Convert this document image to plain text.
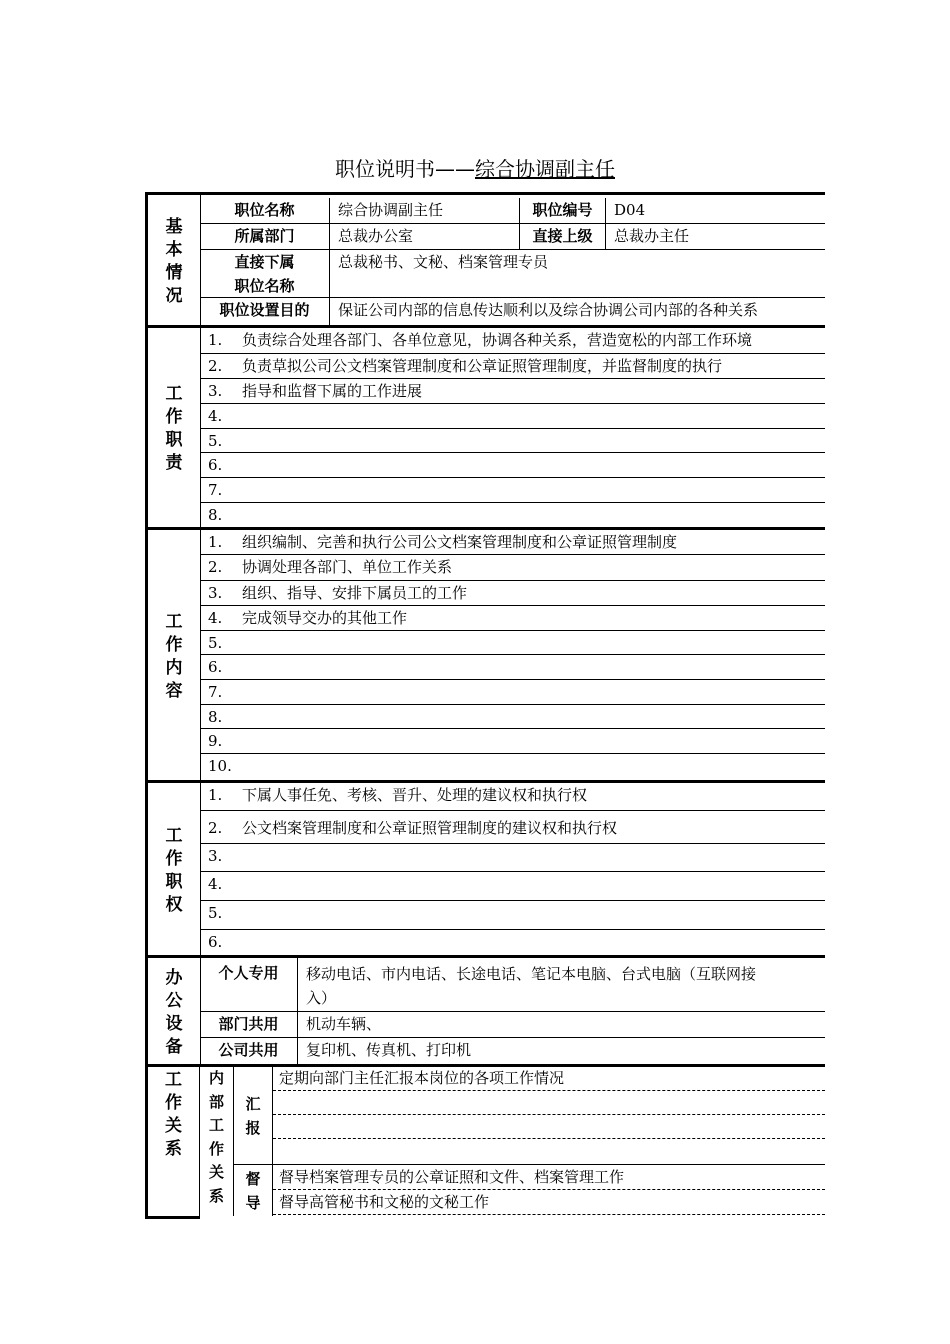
职位说明书——综合协调副主任
基
本
情
况
职位名称	综合协调副主任	职位编号	D04
所属部门	总裁办公室	直接上级	总裁办主任
直接下属
职位名称
总裁秘书、文秘、档案管理专员
职位设置目的	保证公司内部的信息传达顺利以及综合协调公司内部的各种关系
工
作
职
责
1. 负责综合处理各部门、各单位意见，协调各种关系，营造宽松的内部工作环境
2. 负责草拟公司公文档案管理制度和公章证照管理制度，并监督制度的执行
3. 指导和监督下属的工作进展
4.
5.
6.
7.
8.
工
作
内
容
1. 组织编制、完善和执行公司公文档案管理制度和公章证照管理制度
2. 协调处理各部门、单位工作关系
3. 组织、指导、安排下属员工的工作
4. 完成领导交办的其他工作
5.
6.
7.
8.
9.
10.
工
作
职
权
1. 下属人事任免、考核、晋升、处理的建议权和执行权
2. 公文档案管理制度和公章证照管理制度的建议权和执行权
3.
4.
5.
6.
办
公
设
备
个人专用	移动电话、市内电话、长途电话、笔记本电脑、台式电脑（互联网接
入）
部门共用	机动车辆、
公司共用	复印机、传真机、打印机
工
作
关
系
内
部
工
作
关
系
汇
报
定期向部门主任汇报本岗位的各项工作情况
督
导
督导档案管理专员的公章证照和文件、档案管理工作
督导高管秘书和文秘的文秘工作
